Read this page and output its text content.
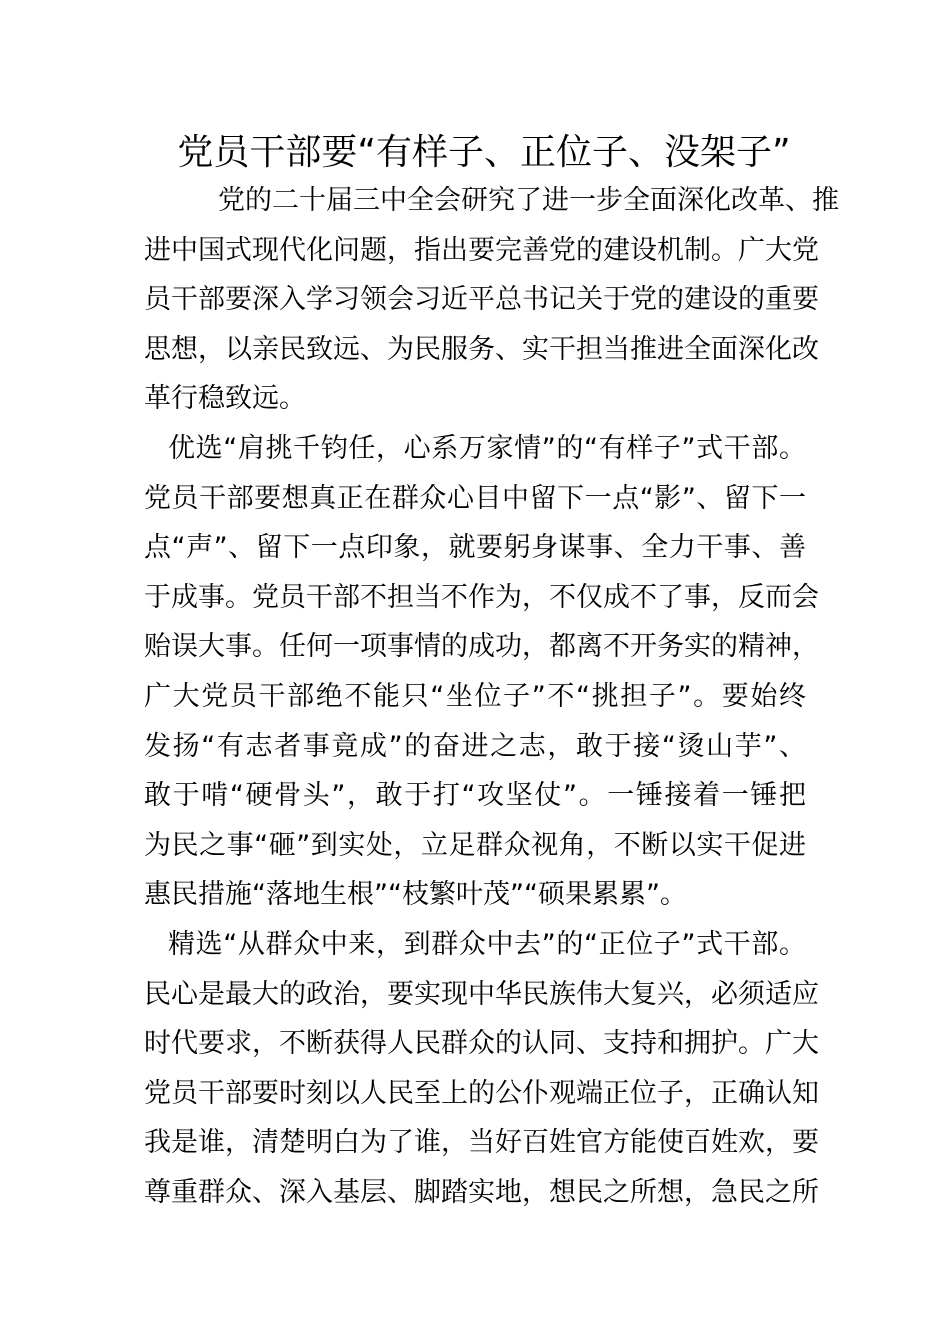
党员干部要“有样子、正位子、没架子”
党的二十届三中全会研究了进一步全面深化改革、推
进中国式现代化问题，指出要完善党的建设机制。广大党
员干部要深入学习领会习近平总书记关于党的建设的重要
思想，以亲民致远、为民服务、实干担当推进全面深化改
革行稳致远。
优选“肩挑千钧任，心系万家情”的“有样子”式干部。
党员干部要想真正在群众心目中留下一点“影”、留下一
点“声”、留下一点印象，就要躬身谋事、全力干事、善
于成事。党员干部不担当不作为，不仅成不了事，反而会
贻误大事。任何一项事情的成功，都离不开务实的精神，
广大党员干部绝不能只“坐位子”不“挑担子”。要始终
发扬“有志者事竟成”的奋进之志，敢于接“烫山芋”、
敢于啃“硬骨头”，敢于打“攻坚仗”。一锤接着一锤把
为民之事“砸”到实处，立足群众视角，不断以实干促进
惠民措施“落地生根”“枝繁叶茂”“硕果累累”。
精选“从群众中来，到群众中去”的“正位子”式干部。
民心是最大的政治，要实现中华民族伟大复兴，必须适应
时代要求，不断获得人民群众的认同、支持和拥护。广大
党员干部要时刻以人民至上的公仆观端正位子，正确认知
我是谁，清楚明白为了谁，当好百姓官方能使百姓欢，要
尊重群众、深入基层、脚踏实地，想民之所想，急民之所
